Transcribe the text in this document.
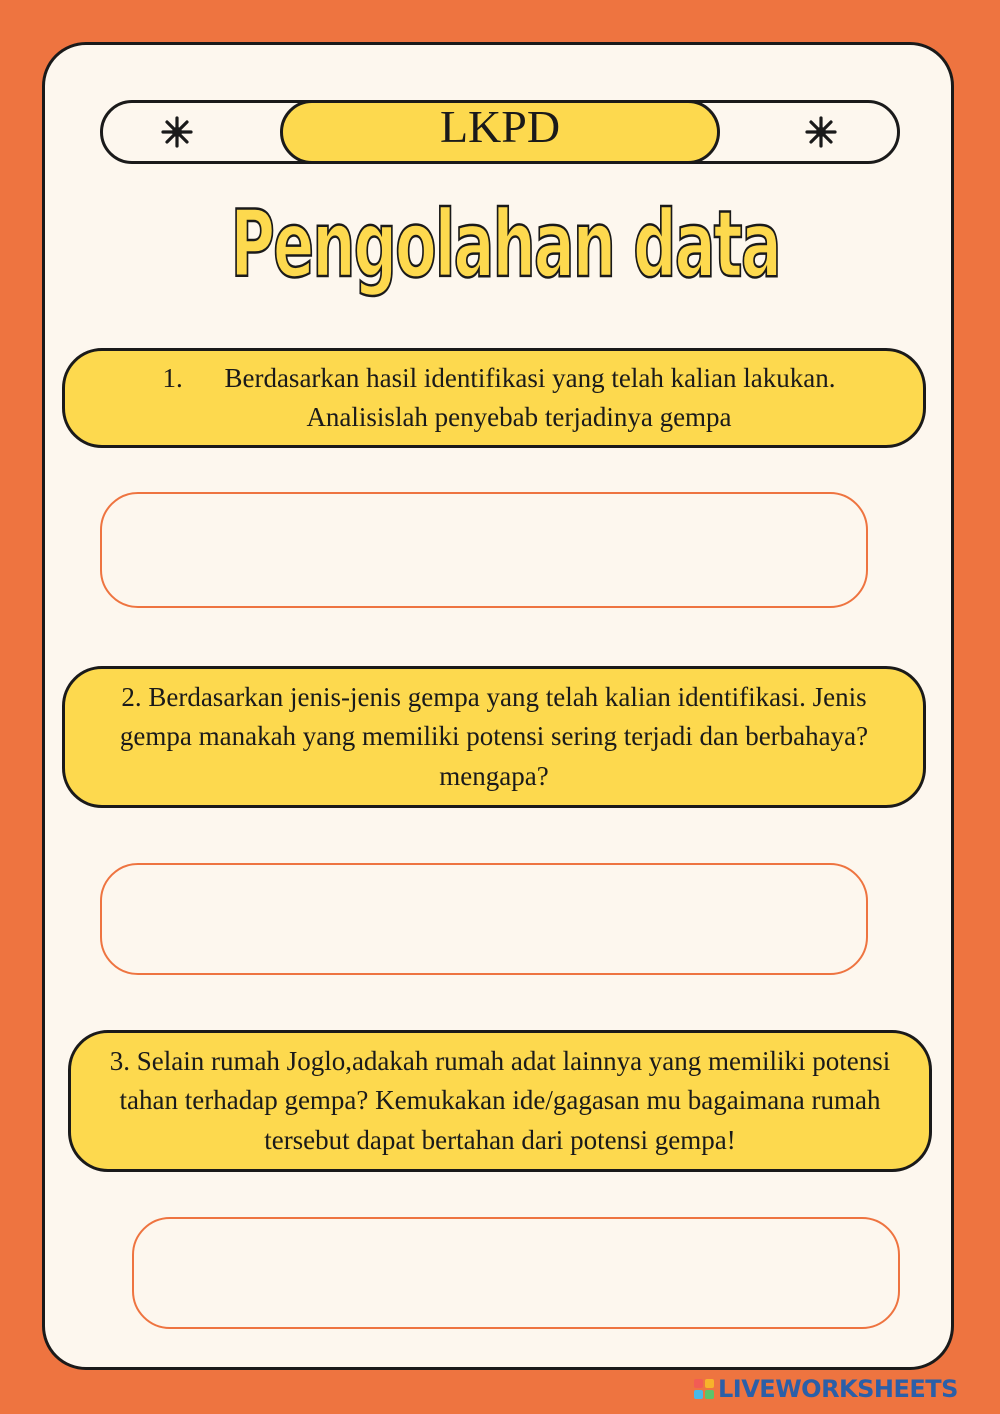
LKPD
Pengolahan data
1. Berdasarkan hasil identifikasi yang telah kalian lakukan.
Analisislah penyebab terjadinya gempa
2. Berdasarkan jenis-jenis gempa yang telah kalian identifikasi. Jenis gempa manakah yang memiliki potensi sering terjadi dan berbahaya? mengapa?
3. Selain rumah Joglo,adakah rumah adat lainnya yang memiliki potensi tahan terhadap gempa? Kemukakan ide/gagasan mu bagaimana rumah tersebut dapat bertahan dari potensi gempa!
LIVEWORKSHEETS
